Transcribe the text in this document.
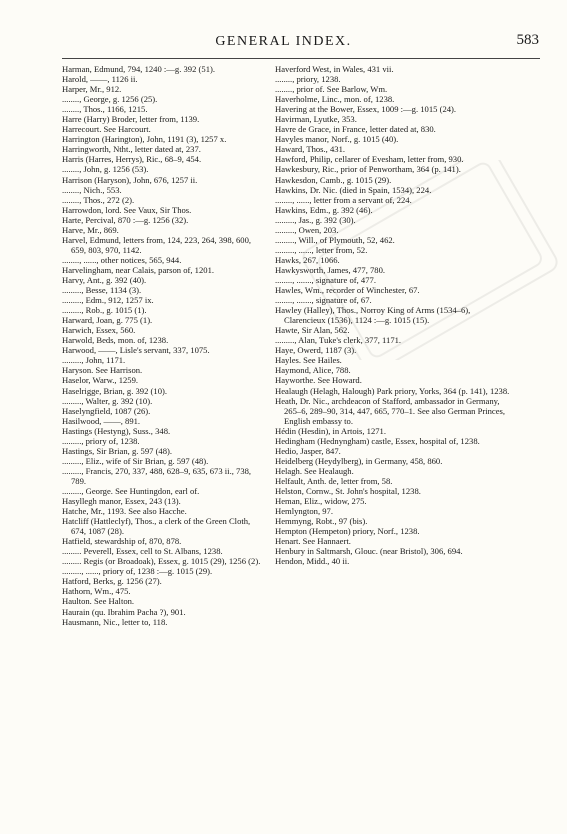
GENERAL INDEX.	583

Harman, Edmund, 794, 1240 :—g. 392 (51).

Harold, ——, 1126 ii.

Harper, Mr., 912.

........, George, g. 1256 (25).

........, Thos., 1166, 1215.

Harre (Harry) Broder, letter from, 1139.

Harrecourt. See Harcourt.

Harrington (Harington), John, 1191 (3), 1257 x.

Harringworth, Ntht., letter dated at, 237.

Harris (Harres, Herrys), Ric., 68–9, 454.

........, John, g. 1256 (53).

Harrison (Haryson), John, 676, 1257 ii.

........, Nich., 553.

........, Thos., 272 (2).

Harrowdon, lord. See Vaux, Sir Thos.

Harte, Percival, 870 :—g. 1256 (32).

Harve, Mr., 869.

Harvel, Edmund, letters from, 124, 223, 264, 398, 600, 659, 803, 970, 1142.

........, ......, other notices, 565, 944.

Harvelingham, near Calais, parson of, 1201.

Harvy, Ant., g. 392 (40).

........., Besse, 1134 (3).

........., Edm., 912, 1257 ix.

........., Rob., g. 1015 (1).

Harward, Joan, g. 775 (1).

Harwich, Essex, 560.

Harwold, Beds, mon. of, 1238.

Harwood, ——, Lisle's servant, 337, 1075.

........., John, 1171.

Haryson. See Harrison.

Haselor, Warw., 1259.

Haselrigge, Brian, g. 392 (10).

........., Walter, g. 392 (10).

Haselyngfield, 1087 (26).

Hasilwood, ——, 891.

Hastings (Hestyng), Suss., 348.

........., priory of, 1238.

Hastings, Sir Brian, g. 597 (48).

........., Eliz., wife of Sir Brian, g. 597 (48).

........., Francis, 270, 337, 488, 628–9, 635, 673 ii., 738, 789.

........., George. See Huntingdon, earl of.

Hasyllegh manor, Essex, 243 (13).

Hatche, Mr., 1193. See also Hacche.

Hatcliff (Hattleclyf), Thos., a clerk of the Green Cloth, 674, 1087 (28).

Hatfield, stewardship of, 870, 878.

......... Peverell, Essex, cell to St. Albans, 1238.

......... Regis (or Broadoak), Essex, g. 1015 (29), 1256 (2).

........., ......, priory of, 1238 :—g. 1015 (29).

Hatford, Berks, g. 1256 (27).

Hathorn, Wm., 475.

Haulton. See Halton.

Haurain (qu. Ibrahim Pacha ?), 901.

Hausmann, Nic., letter to, 118.

Haverford West, in Wales, 431 vii.

........, priory, 1238.

........, prior of. See Barlow, Wm.

Haverholme, Linc., mon. of, 1238.

Havering at the Bower, Essex, 1009 :—g. 1015 (24).

Havirman, Lyutke, 353.

Havre de Grace, in France, letter dated at, 830.

Havyles manor, Norf., g. 1015 (40).

Haward, Thos., 431.

Hawford, Philip, cellarer of Evesham, letter from, 930.

Hawkesbury, Ric., prior of Penwortham, 364 (p. 141).

Hawkesdon, Camb., g. 1015 (29).

Hawkins, Dr. Nic. (died in Spain, 1534), 224.

........, ......, letter from a servant of, 224.

Hawkins, Edm., g. 392 (46).

........., Jas., g. 392 (30).

........., Owen, 203.

........., Will., of Plymouth, 52, 462.

........., ......, letter from, 52.

Hawks, 267, 1066.

Hawkysworth, James, 477, 780.

........, ......., signature of, 477.

Hawles, Wm., recorder of Winchester, 67.

........, ......., signature of, 67.

Hawley (Halley), Thos., Norroy King of Arms (1534–6), Clarencieux (1536), 1124 :—g. 1015 (15).

Hawte, Sir Alan, 562.

........., Alan, Tuke's clerk, 377, 1171.

Haye, Owerd, 1187 (3).

Hayles. See Hailes.

Haymond, Alice, 788.

Hayworthe. See Howard.

Healaugh (Helagh, Halough) Park priory, Yorks, 364 (p. 141), 1238.

Heath, Dr. Nic., archdeacon of Stafford, ambassador in Germany, 265–6, 289–90, 314, 447, 665, 770–1. See also German Princes, English embassy to.

Hédin (Hesdin), in Artois, 1271.

Hedingham (Hednyngham) castle, Essex, hospital of, 1238.

Hedio, Jasper, 847.

Heidelberg (Heydylberg), in Germany, 458, 860.

Helagh. See Healaugh.

Helfault, Anth. de, letter from, 58.

Helston, Cornw., St. John's hospital, 1238.

Heman, Eliz., widow, 275.

Hemlyngton, 97.

Hemmyng, Robt., 97 (bis).

Hempton (Hempeton) priory, Norf., 1238.

Henart. See Hannaert.

Henbury in Saltmarsh, Glouc. (near Bristol), 306, 694.

Hendon, Midd., 40 ii.
